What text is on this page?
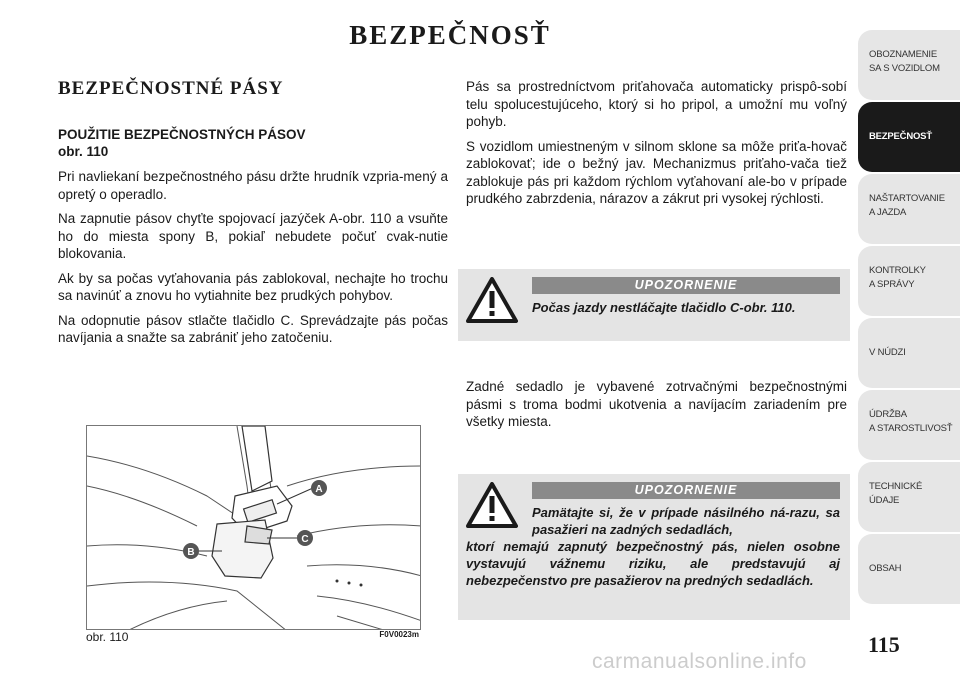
BEZPEČNOSŤ
BEZPEČNOSTNÉ PÁSY
POUŽITIE BEZPEČNOSTNÝCH PÁSOV
obr. 110

Pri navliekaní bezpečnostného pásu držte hrudník vzpria-mený a opretý o operadlo.

Na zapnutie pásov chyťte spojovací jazýček A-obr. 110 a vsuňte ho do miesta spony B, pokiaľ nebudete počuť cvak-nutie blokovania.

Ak by sa počas vyťahovania pás zablokoval, nechajte ho trochu sa navinúť a znovu ho vytiahnite bez prudkých pohybov.

Na odopnutie pásov stlačte tlačidlo C. Sprevádzajte pás počas navíjania a snažte sa zabrániť jeho zatočeniu.

Pás sa prostredníctvom priťahovača automaticky prispô-sobí telu spolucestujúceho, ktorý si ho pripol, a umožní mu voľný pohyb.

S vozidlom umiestneným v silnom sklone sa môže priťa-hovač zablokovať; ide o bežný jav. Mechanizmus priťaho-vača tiež zablokuje pás pri každom rýchlom vyťahovaní ale-bo v prípade prudkého zabrzdenia, nárazov a zákrut pri vysokej rýchlosti.

UPOZORNENIE
Počas jazdy nestláčajte tlačidlo C-obr. 110.

Zadné sedadlo je vybavené zotrvačnými bezpečnostnými pásmi s troma bodmi ukotvenia a navíjacím zariadením pre všetky miesta.

UPOZORNENIE
Pamätajte si, že v prípade násilného ná-razu, sa pasažieri na zadných sedadlách,
ktorí nemajú zapnutý bezpečnostný pás, nielen osobne vystavujú vážnemu riziku, ale predstavujú aj nebezpečenstvo pre pasažierov na predných sedadlách.
A
C
B
obr. 110	F0V0023m
OBOZNAMENIE
SA S VOZIDLOM
BEZPEČNOSŤ
NAŠTARTOVANIE
A JAZDA
KONTROLKY
A SPRÁVY
V NÚDZI
ÚDRŽBA
A STAROSTLIVOSŤ
TECHNICKÉ
ÚDAJE
OBSAH
115
carmanualsonline.info
